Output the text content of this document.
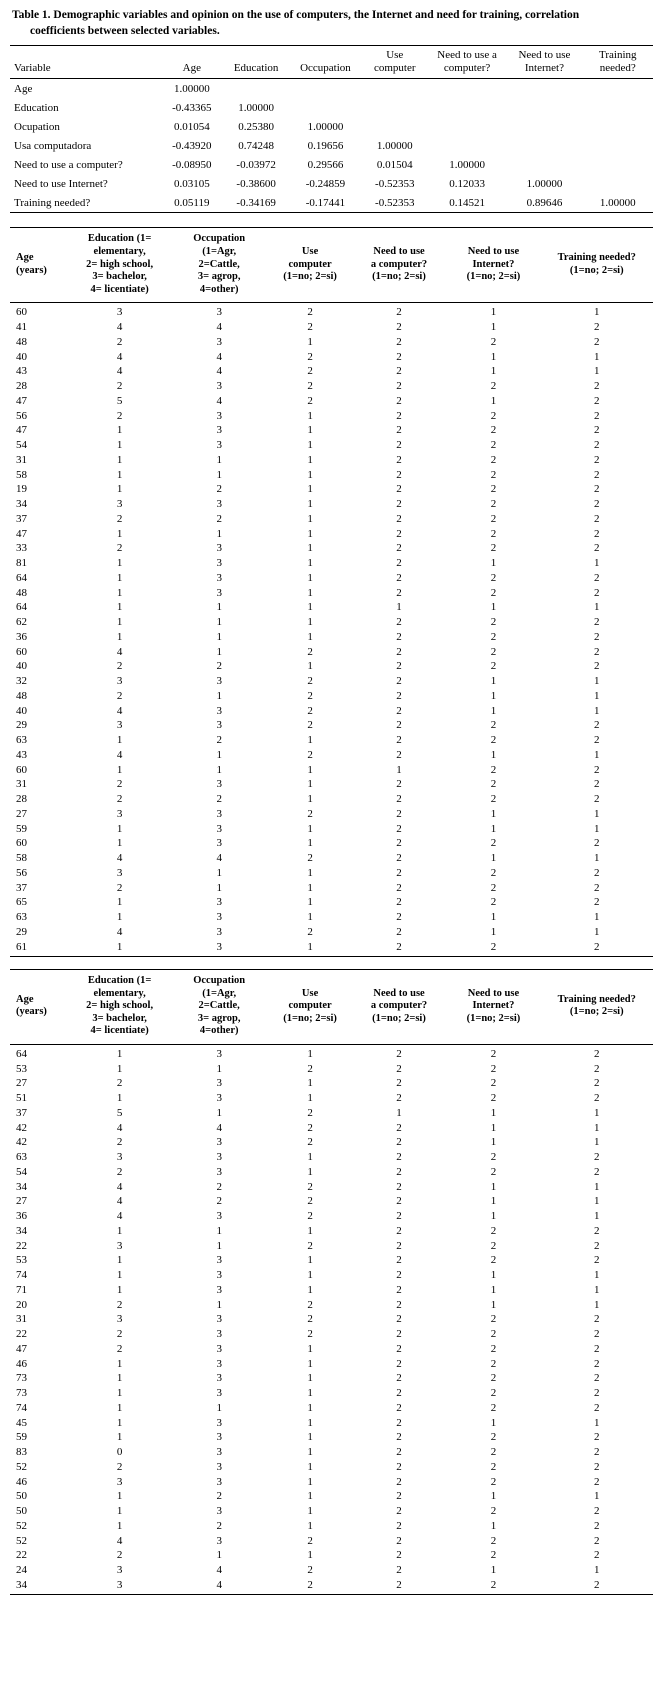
Table 1. Demographic variables and opinion on the use of computers, the Internet and need for training, correlation
coefficients between selected variables.
Variable	Age	Education	Occupation	Use
computer	Need to use a
computer?	Need to use
Internet?	Training
needed?
Age	1.00000						
Education	-0.43365	1.00000					
Ocupation	0.01054	0.25380	1.00000				
Usa computadora	-0.43920	0.74248	0.19656	1.00000			
Need to use a computer?	-0.08950	-0.03972	0.29566	0.01504	1.00000		
Need to use Internet?	0.03105	-0.38600	-0.24859	-0.52353	0.12033	1.00000	
Training needed?	0.05119	-0.34169	-0.17441	-0.52353	0.14521	0.89646	1.00000
Age
(years)	Education (1=
elementary,
2= high school,
3= bachelor,
4= licentiate)	Occupation
(1=Agr,
2=Cattle,
3= agrop,
4=other)	Use
computer
(1=no; 2=si)	Need to use
a computer?
(1=no; 2=si)	Need to use
Internet?
(1=no; 2=si)	Training needed?
(1=no; 2=si)
60	3	3	2	2	1	1
41	4	4	2	2	1	2
48	2	3	1	2	2	2
40	4	4	2	2	1	1
43	4	4	2	2	1	1
28	2	3	2	2	2	2
47	5	4	2	2	1	2
56	2	3	1	2	2	2
47	1	3	1	2	2	2
54	1	3	1	2	2	2
31	1	1	1	2	2	2
58	1	1	1	2	2	2
19	1	2	1	2	2	2
34	3	3	1	2	2	2
37	2	2	1	2	2	2
47	1	1	1	2	2	2
33	2	3	1	2	2	2
81	1	3	1	2	1	1
64	1	3	1	2	2	2
48	1	3	1	2	2	2
64	1	1	1	1	1	1
62	1	1	1	2	2	2
36	1	1	1	2	2	2
60	4	1	2	2	2	2
40	2	2	1	2	2	2
32	3	3	2	2	1	1
48	2	1	2	2	1	1
40	4	3	2	2	1	1
29	3	3	2	2	2	2
63	1	2	1	2	2	2
43	4	1	2	2	1	1
60	1	1	1	1	2	2
31	2	3	1	2	2	2
28	2	2	1	2	2	2
27	3	3	2	2	1	1
59	1	3	1	2	1	1
60	1	3	1	2	2	2
58	4	4	2	2	1	1
56	3	1	1	2	2	2
37	2	1	1	2	2	2
65	1	3	1	2	2	2
63	1	3	1	2	1	1
29	4	3	2	2	1	1
61	1	3	1	2	2	2
Age
(years)	Education (1=
elementary,
2= high school,
3= bachelor,
4= licentiate)	Occupation
(1=Agr,
2=Cattle,
3= agrop,
4=other)	Use
computer
(1=no; 2=si)	Need to use
a computer?
(1=no; 2=si)	Need to use
Internet?
(1=no; 2=si)	Training needed?
(1=no; 2=si)
64	1	3	1	2	2	2
53	1	1	2	2	2	2
27	2	3	1	2	2	2
51	1	3	1	2	2	2
37	5	1	2	1	1	1
42	4	4	2	2	1	1
42	2	3	2	2	1	1
63	3	3	1	2	2	2
54	2	3	1	2	2	2
34	4	2	2	2	1	1
27	4	2	2	2	1	1
36	4	3	2	2	1	1
34	1	1	1	2	2	2
22	3	1	2	2	2	2
53	1	3	1	2	2	2
74	1	3	1	2	1	1
71	1	3	1	2	1	1
20	2	1	2	2	1	1
31	3	3	2	2	2	2
22	2	3	2	2	2	2
47	2	3	1	2	2	2
46	1	3	1	2	2	2
73	1	3	1	2	2	2
73	1	3	1	2	2	2
74	1	1	1	2	2	2
45	1	3	1	2	1	1
59	1	3	1	2	2	2
83	0	3	1	2	2	2
52	2	3	1	2	2	2
46	3	3	1	2	2	2
50	1	2	1	2	1	1
50	1	3	1	2	2	2
52	1	2	1	2	1	2
52	4	3	2	2	2	2
22	2	1	1	2	2	2
24	3	4	2	2	1	1
34	3	4	2	2	2	2
